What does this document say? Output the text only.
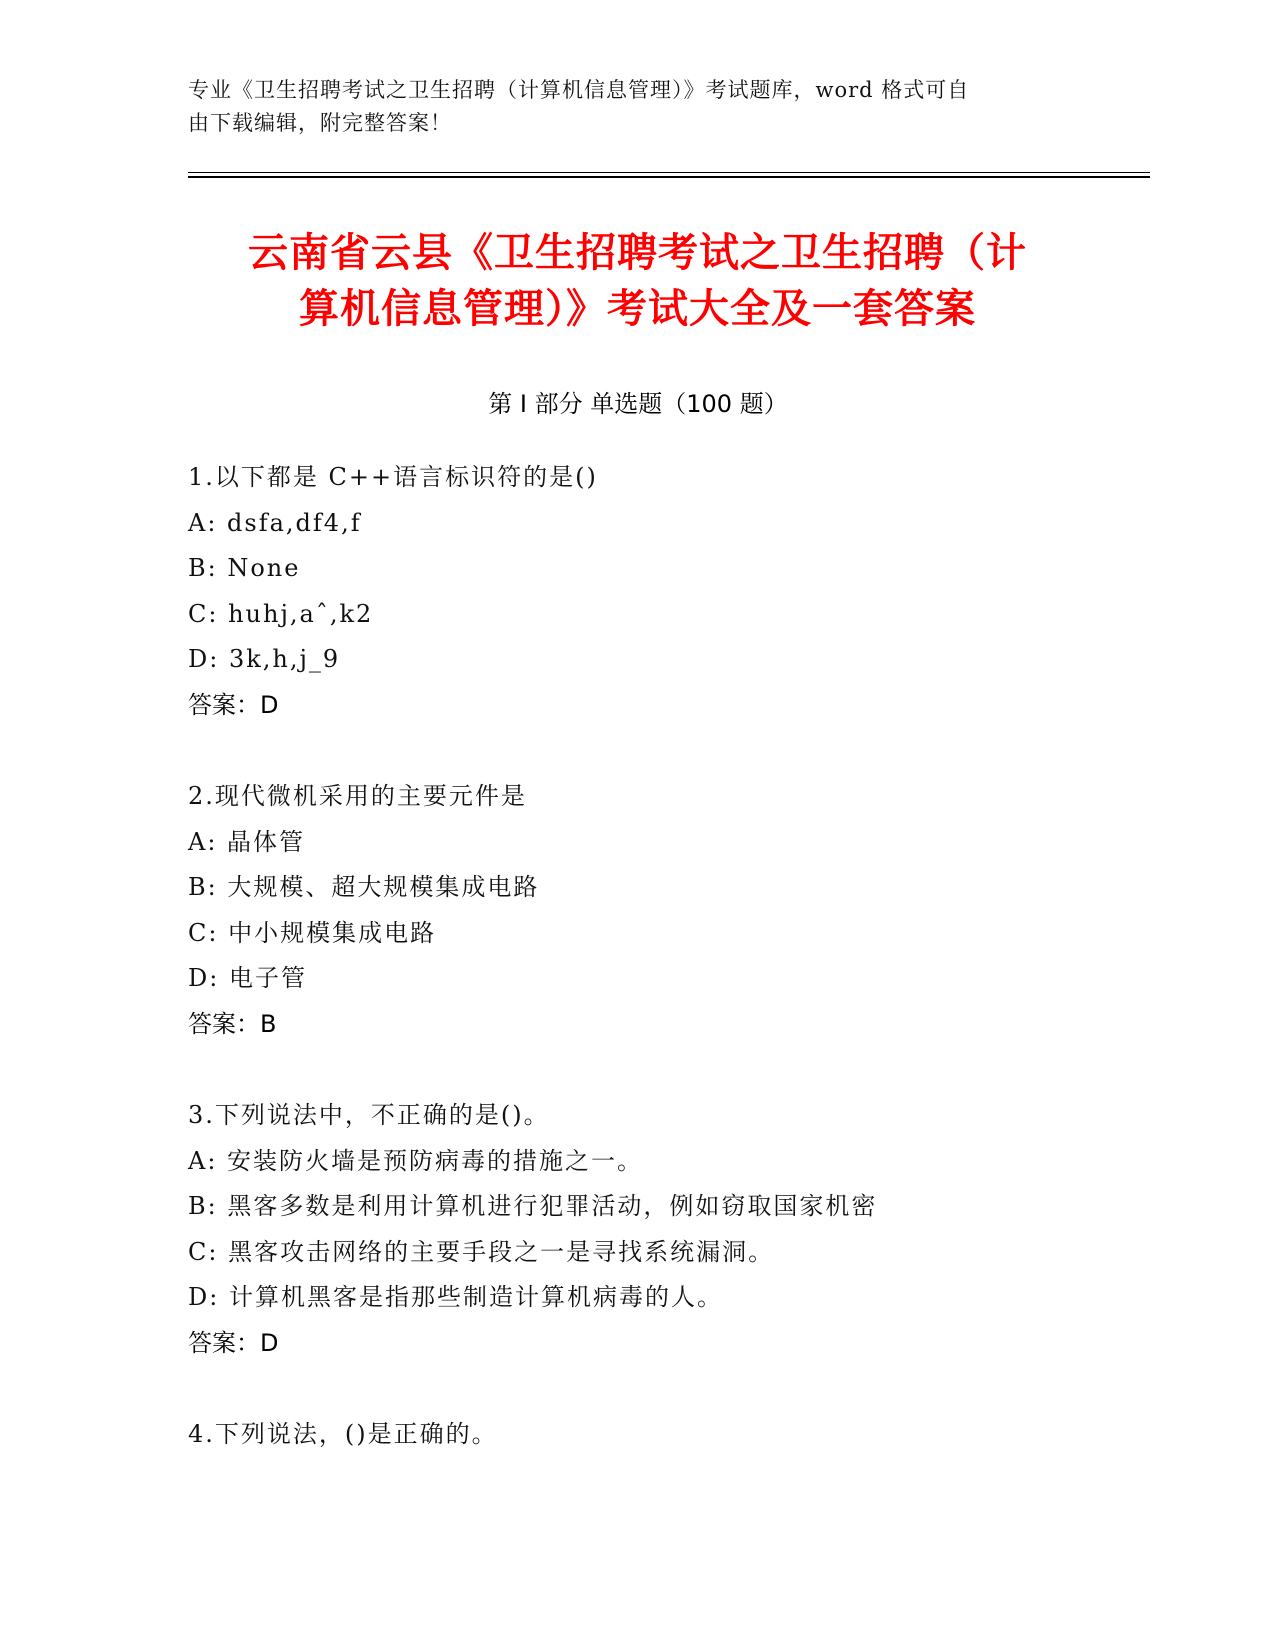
专业《卫生招聘考试之卫生招聘（计算机信息管理）》考试题库，word 格式可自
由下载编辑，附完整答案！
云南省云县《卫生招聘考试之卫生招聘（计
算机信息管理）》考试大全及一套答案
第 I 部分 单选题（100 题）
1.以下都是 C++语言标识符的是()
A: dsfa,df4,f
B: None
C: huhj,aˆ,k2
D: 3k,h,j_9
答案：D
2.现代微机采用的主要元件是
A: 晶体管
B: 大规模、超大规模集成电路
C: 中小规模集成电路
D: 电子管
答案：B
3.下列说法中，不正确的是()。
A: 安装防火墙是预防病毒的措施之一。
B: 黑客多数是利用计算机进行犯罪活动，例如窃取国家机密
C: 黑客攻击网络的主要手段之一是寻找系统漏洞。
D: 计算机黑客是指那些制造计算机病毒的人。
答案：D
4.下列说法，()是正确的。
